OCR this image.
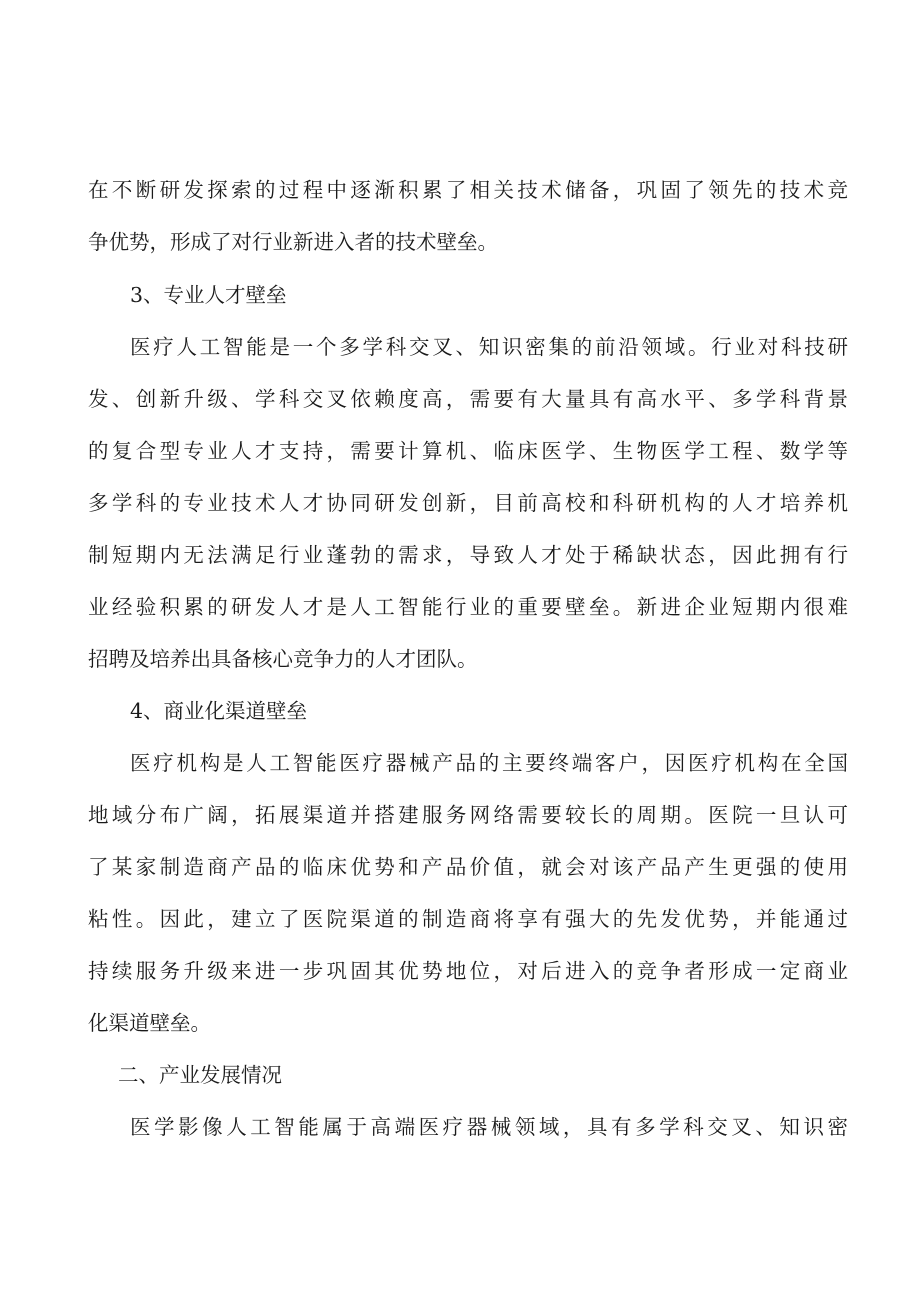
在不断研发探索的过程中逐渐积累了相关技术储备，巩固了领先的技术竞
争优势，形成了对行业新进入者的技术壁垒。
3、专业人才壁垒
医疗人工智能是一个多学科交叉、知识密集的前沿领域。行业对科技研
发、创新升级、学科交叉依赖度高，需要有大量具有高水平、多学科背景
的复合型专业人才支持，需要计算机、临床医学、生物医学工程、数学等
多学科的专业技术人才协同研发创新，目前高校和科研机构的人才培养机
制短期内无法满足行业蓬勃的需求，导致人才处于稀缺状态，因此拥有行
业经验积累的研发人才是人工智能行业的重要壁垒。新进企业短期内很难
招聘及培养出具备核心竞争力的人才团队。
4、商业化渠道壁垒
医疗机构是人工智能医疗器械产品的主要终端客户，因医疗机构在全国
地域分布广阔，拓展渠道并搭建服务网络需要较长的周期。医院一旦认可
了某家制造商产品的临床优势和产品价值，就会对该产品产生更强的使用
粘性。因此，建立了医院渠道的制造商将享有强大的先发优势，并能通过
持续服务升级来进一步巩固其优势地位，对后进入的竞争者形成一定商业
化渠道壁垒。
二、产业发展情况
医学影像人工智能属于高端医疗器械领域，具有多学科交叉、知识密
